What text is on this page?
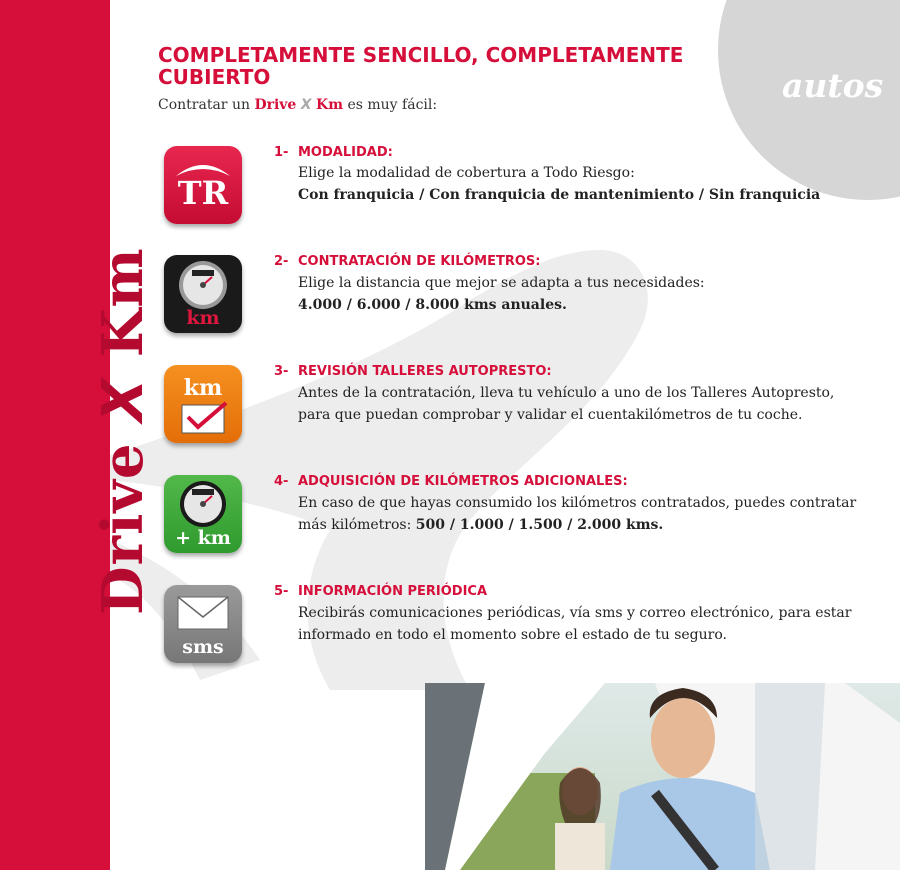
autos
Drive X Km
COMPLETAMENTE SENCILLO, COMPLETAMENTE CUBIERTO
Contratar un Drive X Km es muy fácil:
TR
1- MODALIDAD:
Elige la modalidad de cobertura a Todo Riesgo:
Con franquicia / Con franquicia de mantenimiento / Sin franquicia
km
2- CONTRATACIÓN DE KILÓMETROS:
Elige la distancia que mejor se adapta a tus necesidades:
4.000 / 6.000 / 8.000 kms anuales.
km
3- REVISIÓN TALLERES AUTOPRESTO:
Antes de la contratación, lleva tu vehículo a uno de los Talleres Autopresto,
para que puedan comprobar y validar el cuentakilómetros de tu coche.
+ km
4- ADQUISICIÓN DE KILÓMETROS ADICIONALES:
En caso de que hayas consumido los kilómetros contratados, puedes contratar
más kilómetros: 500 / 1.000 / 1.500 / 2.000 kms.
sms
5- INFORMACIÓN PERIÓDICA
Recibirás comunicaciones periódicas, vía sms y correo electrónico, para estar
informado en todo el momento sobre el estado de tu seguro.
